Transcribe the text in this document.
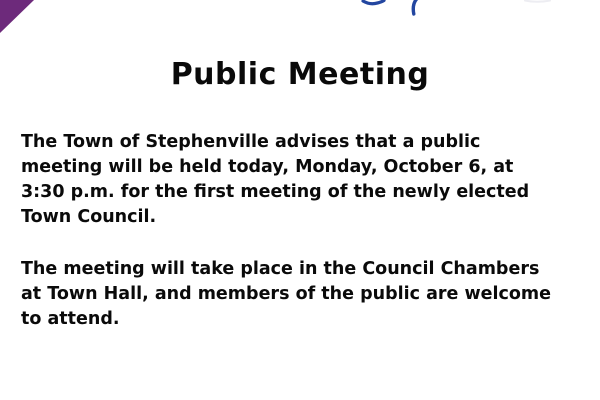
Public Meeting

The Town of Stephenville advises that a public
meeting will be held today, Monday, October 6, at
3:30 p.m. for the first meeting of the newly elected
Town Council.

The meeting will take place in the Council Chambers
at Town Hall, and members of the public are welcome
to attend.
